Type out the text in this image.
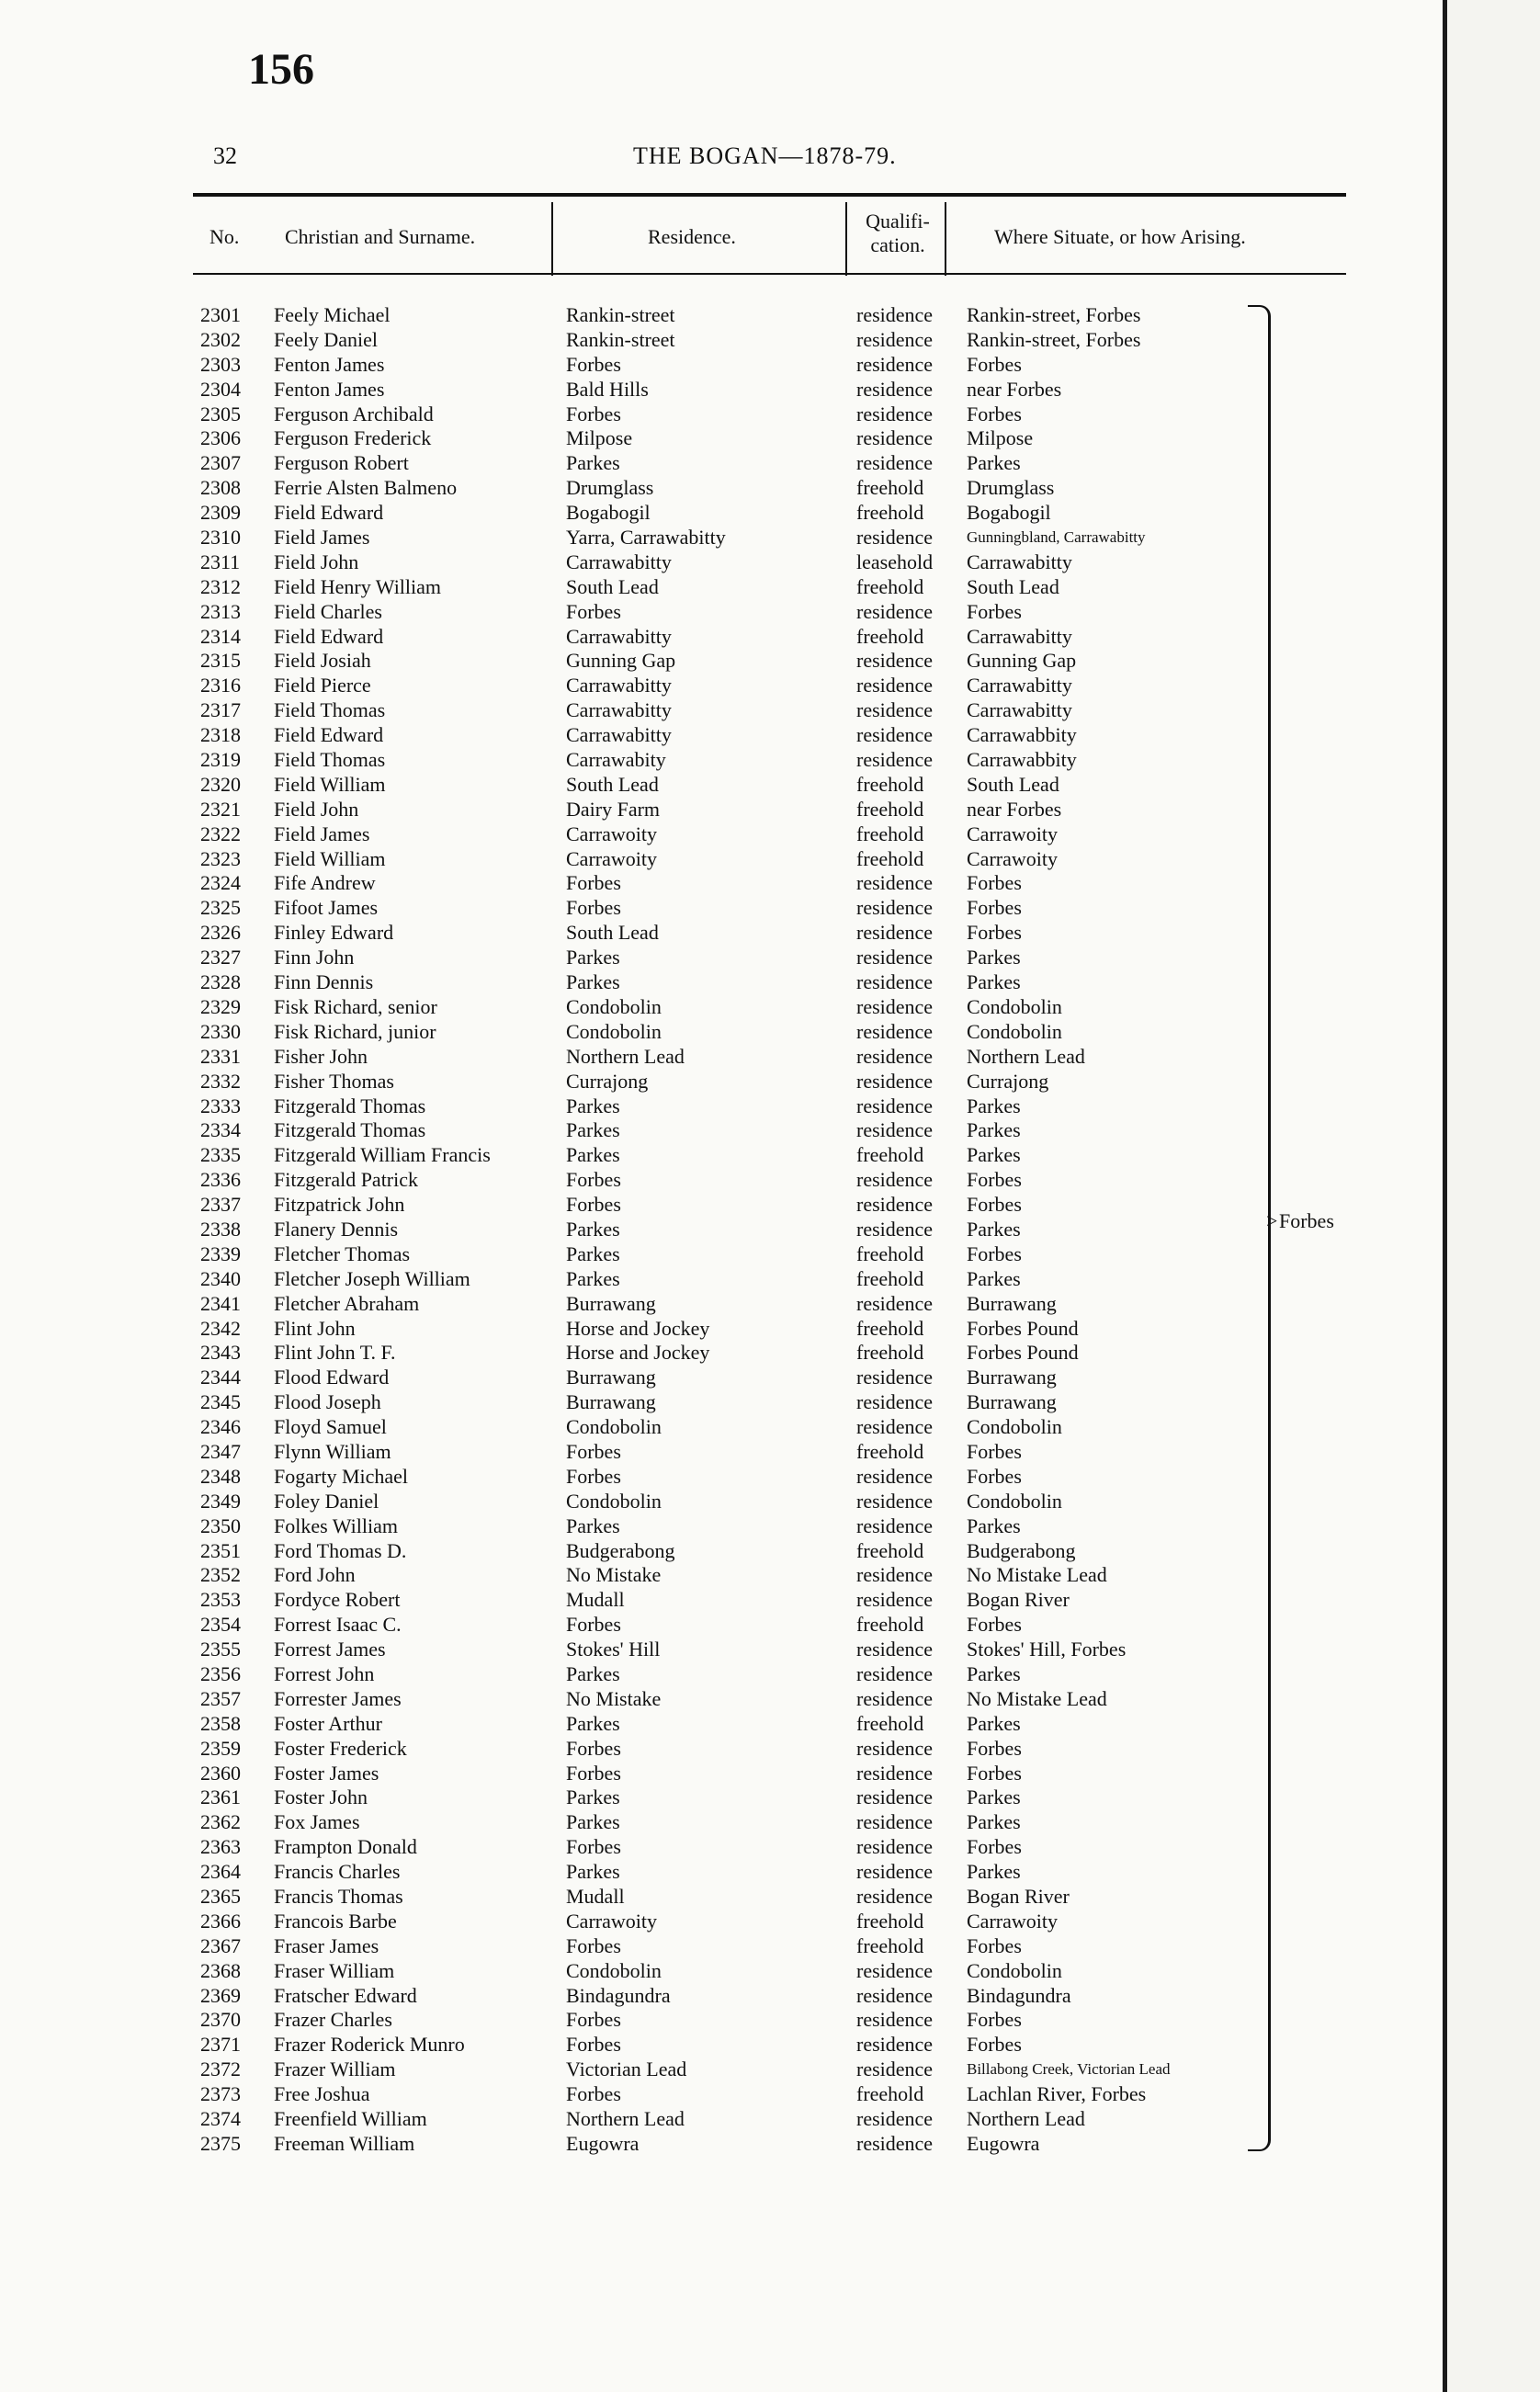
156
32	THE BOGAN—1878-79.
No. Christian and Surname.	Residence.
Qualifi-cation.	Where Situate, or how Arising.
2301 Feely Michael	Rankin-street	residence Rankin-street, Forbes
2302 Feely Daniel	Rankin-street	residence Rankin-street, Forbes
2303 Fenton James	Forbes	residence Forbes
2304 Fenton James	Bald Hills	residence near Forbes
2305 Ferguson Archibald	Forbes	residence Forbes
2306 Ferguson Frederick	Milpose	residence Milpose
2307 Ferguson Robert	Parkes	residence Parkes
2308 Ferrie Alsten Balmeno	Drumglass	freehold Drumglass
2309 Field Edward	Bogabogil	freehold Bogabogil
2310 Field James	Yarra, Carrawabitty	residence Gunningbland, Carrawabitty
2311 Field John	Carrawabitty	leasehold Carrawabitty
2312 Field Henry William	South Lead	freehold South Lead
2313 Field Charles	Forbes	residence Forbes
2314 Field Edward	Carrawabitty	freehold Carrawabitty
2315 Field Josiah	Gunning Gap	residence Gunning Gap
2316 Field Pierce	Carrawabitty	residence Carrawabitty
2317 Field Thomas	Carrawabitty	residence Carrawabitty
2318 Field Edward	Carrawabitty	residence Carrawabbity
2319 Field Thomas	Carrawabity	residence Carrawabbity
2320 Field William	South Lead	freehold South Lead
2321 Field John	Dairy Farm	freehold near Forbes
2322 Field James	Carrawoity	freehold Carrawoity
2323 Field William	Carrawoity	freehold Carrawoity
2324 Fife Andrew	Forbes	residence Forbes
2325 Fifoot James	Forbes	residence Forbes
2326 Finley Edward	South Lead	residence Forbes
2327 Finn John	Parkes	residence Parkes
2328 Finn Dennis	Parkes	residence Parkes
2329 Fisk Richard, senior	Condobolin	residence Condobolin
2330 Fisk Richard, junior	Condobolin	residence Condobolin
2331 Fisher John	Northern Lead	residence Northern Lead
2332 Fisher Thomas	Currajong	residence Currajong
2333 Fitzgerald Thomas	Parkes	residence Parkes
2334 Fitzgerald Thomas	Parkes	residence Parkes
2335 Fitzgerald William Francis	Parkes	freehold Parkes
2336 Fitzgerald Patrick	Forbes	residence Forbes
2337 Fitzpatrick John	Forbes	residence Forbes
2338 Flanery Dennis	Parkes	residence Parkes
2339 Fletcher Thomas	Parkes	freehold Forbes
2340 Fletcher Joseph William	Parkes	freehold Parkes
2341 Fletcher Abraham	Burrawang	residence Burrawang
2342 Flint John	Horse and Jockey	freehold Forbes Pound
2343 Flint John T. F.	Horse and Jockey	freehold Forbes Pound
2344 Flood Edward	Burrawang	residence Burrawang
2345 Flood Joseph	Burrawang	residence Burrawang
2346 Floyd Samuel	Condobolin	residence Condobolin
2347 Flynn William	Forbes	freehold Forbes
2348 Fogarty Michael	Forbes	residence Forbes
2349 Foley Daniel	Condobolin	residence Condobolin
2350 Folkes William	Parkes	residence Parkes
2351 Ford Thomas D.	Budgerabong	freehold Budgerabong
2352 Ford John	No Mistake	residence No Mistake Lead
2353 Fordyce Robert	Mudall	residence Bogan River
2354 Forrest Isaac C.	Forbes	freehold Forbes
2355 Forrest James	Stokes' Hill	residence Stokes' Hill, Forbes
2356 Forrest John	Parkes	residence Parkes
2357 Forrester James	No Mistake	residence No Mistake Lead
2358 Foster Arthur	Parkes	freehold Parkes
2359 Foster Frederick	Forbes	residence Forbes
2360 Foster James	Forbes	residence Forbes
2361 Foster John	Parkes	residence Parkes
2362 Fox James	Parkes	residence Parkes
2363 Frampton Donald	Forbes	residence Forbes
2364 Francis Charles	Parkes	residence Parkes
2365 Francis Thomas	Mudall	residence Bogan River
2366 Francois Barbe	Carrawoity	freehold Carrawoity
2367 Fraser James	Forbes	freehold Forbes
2368 Fraser William	Condobolin	residence Condobolin
2369 Fratscher Edward	Bindagundra	residence Bindagundra
2370 Frazer Charles	Forbes	residence Forbes
2371 Frazer Roderick Munro	Forbes	residence Forbes
2372 Frazer William	Victorian Lead	residence Billabong Creek, Victorian Lead
2373 Free Joshua	Forbes	freehold Lachlan River, Forbes
2374 Freenfield William	Northern Lead	residence Northern Lead
2375 Freeman William	Eugowra	residence Eugowra
> Forbes
